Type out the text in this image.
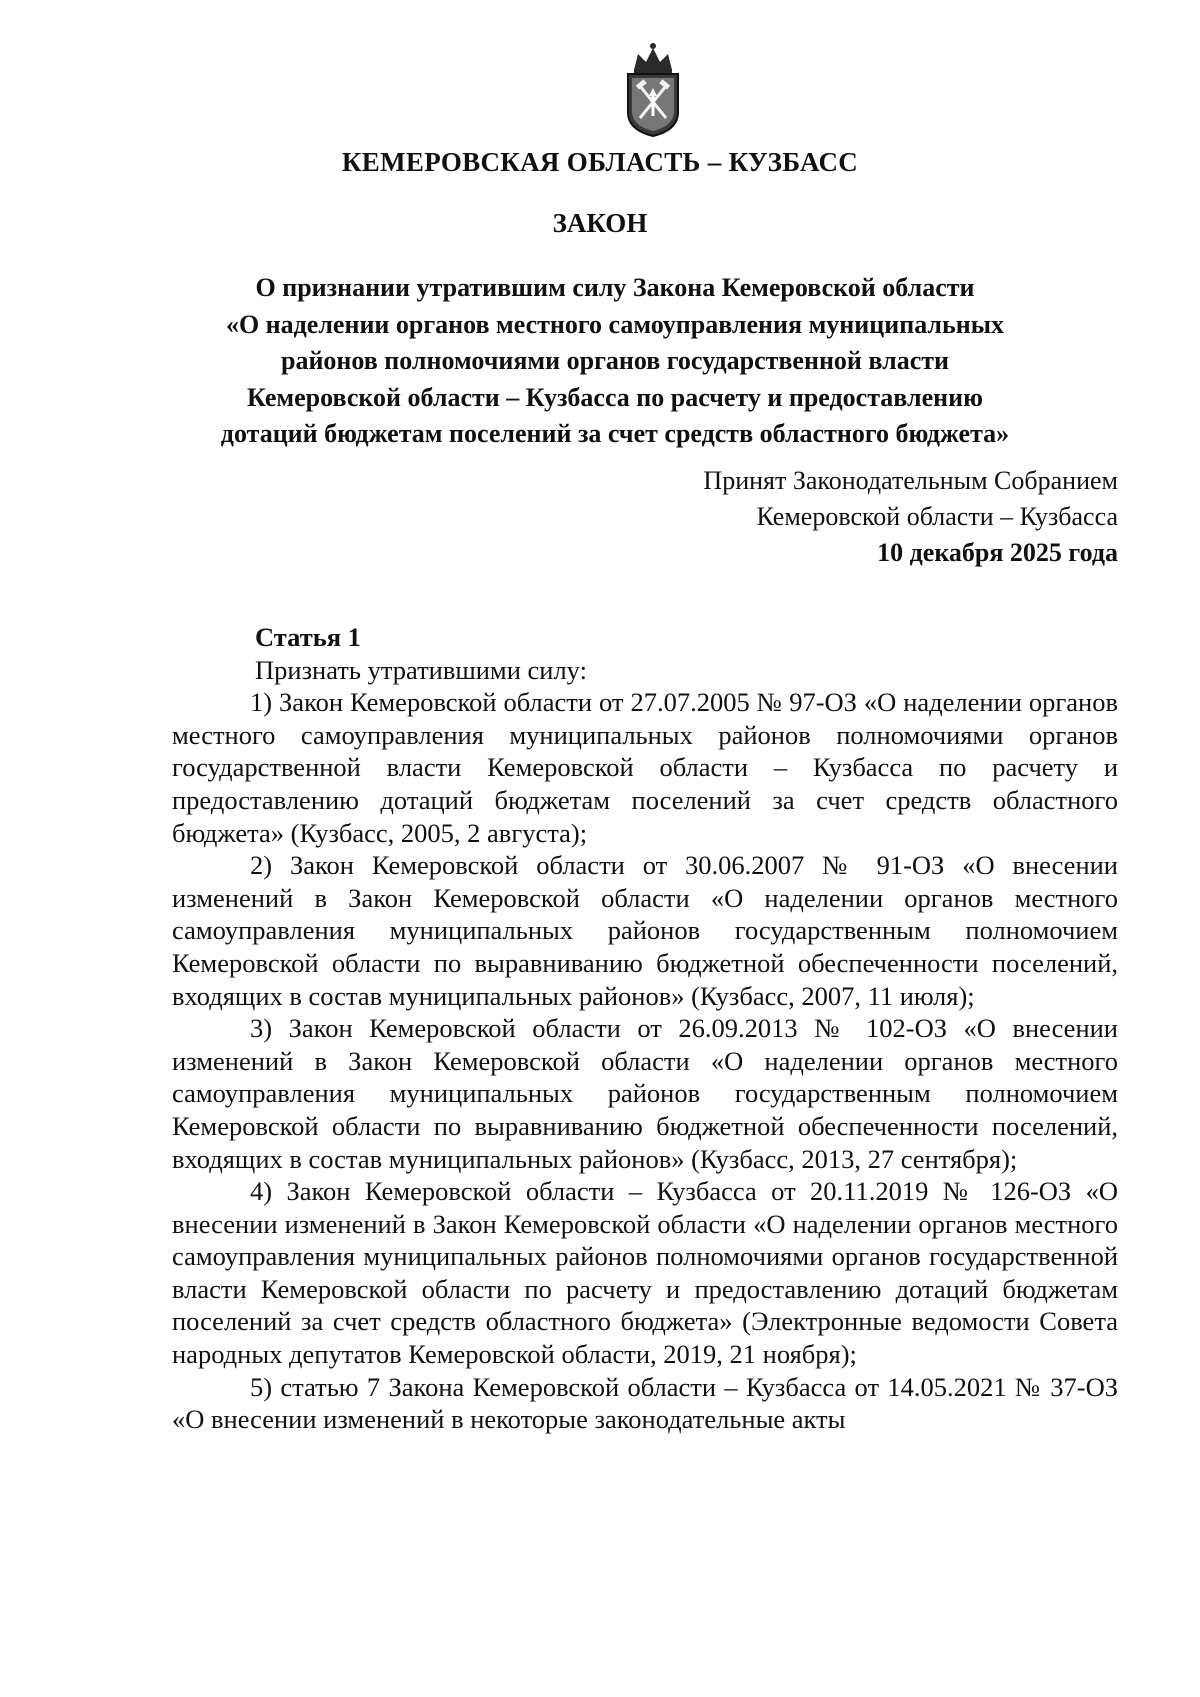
КЕМЕРОВСКАЯ ОБЛАСТЬ – КУЗБАСС
ЗАКОН
О признании утратившим силу Закона Кемеровской области
«О наделении органов местного самоуправления муниципальных
районов полномочиями органов государственной власти
Кемеровской области – Кузбасса по расчету и предоставлению
дотаций бюджетам поселений за счет средств областного бюджета»
Принят Законодательным Собранием
Кемеровской области – Кузбасса
10 декабря 2025 года
Статья 1
Признать утратившими силу:
1) Закон Кемеровской области от 27.07.2005 № 97-ОЗ «О наделении органов местного самоуправления муниципальных районов полномочиями органов государственной власти Кемеровской области – Кузбасса по расчету и предоставлению дотаций бюджетам поселений за счет средств областного бюджета» (Кузбасс, 2005, 2 августа);
2) Закон Кемеровской области от 30.06.2007 № 91-ОЗ «О внесении изменений в Закон Кемеровской области «О наделении органов местного самоуправления муниципальных районов государственным полномочием Кемеровской области по выравниванию бюджетной обеспеченности поселений, входящих в состав муниципальных районов» (Кузбасс, 2007, 11 июля);
3) Закон Кемеровской области от 26.09.2013 № 102-ОЗ «О внесении изменений в Закон Кемеровской области «О наделении органов местного самоуправления муниципальных районов государственным полномочием Кемеровской области по выравниванию бюджетной обеспеченности поселений, входящих в состав муниципальных районов» (Кузбасс, 2013, 27 сентября);
4) Закон Кемеровской области – Кузбасса от 20.11.2019 № 126-ОЗ «О внесении изменений в Закон Кемеровской области «О наделении органов местного самоуправления муниципальных районов полномочиями органов государственной власти Кемеровской области по расчету и предоставлению дотаций бюджетам поселений за счет средств областного бюджета» (Электронные ведомости Совета народных депутатов Кемеровской области, 2019, 21 ноября);
5) статью 7 Закона Кемеровской области – Кузбасса от 14.05.2021 № 37-ОЗ «О внесении изменений в некоторые законодательные акты
